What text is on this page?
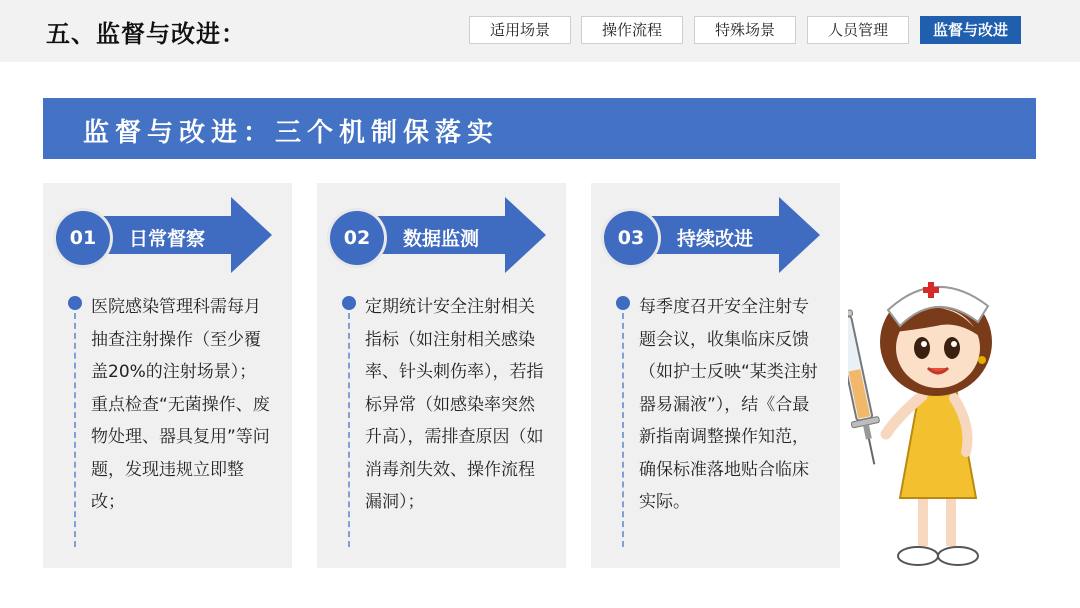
五、监督与改进：	适用场景	操作流程	特殊场景	人员管理	监督与改进
监督与改进：三个机制保落实
01	日常督察
医院感染管理科需每月抽查注射操作（至少覆盖20%的注射场景）；重点检查“无菌操作、废物处理、器具复用”等问题，发现违规立即整改；
02	数据监测
定期统计安全注射相关指标（如注射相关感染率、针头刺伤率），若指标异常（如感染率突然升高），需排查原因（如消毒剂失效、操作流程漏洞）；
03	持续改进
每季度召开安全注射专题会议，收集临床反馈（如护士反映“某类注射器易漏液”），结《合最新指南调整操作知范，确保标准落地贴合临床实际。
